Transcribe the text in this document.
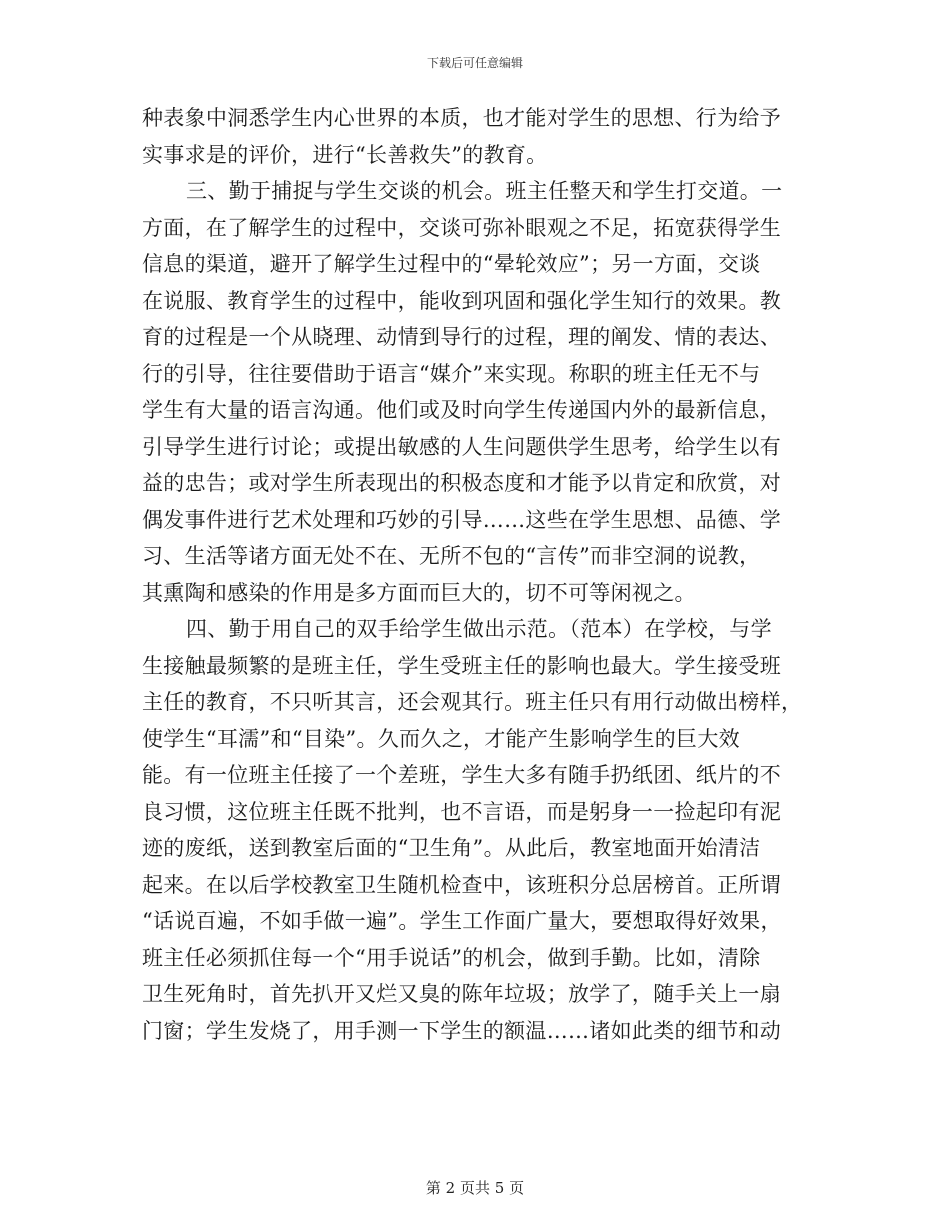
下载后可任意编辑
种表象中洞悉学生内心世界的本质，也才能对学生的思想、行为给予
实事求是的评价，进行“长善救失”的教育。
三、勤于捕捉与学生交谈的机会。班主任整天和学生打交道。一
方面，在了解学生的过程中，交谈可弥补眼观之不足，拓宽获得学生
信息的渠道，避开了解学生过程中的“晕轮效应”；另一方面，交谈
在说服、教育学生的过程中，能收到巩固和强化学生知行的效果。教
育的过程是一个从晓理、动情到导行的过程，理的阐发、情的表达、
行的引导，往往要借助于语言“媒介”来实现。称职的班主任无不与
学生有大量的语言沟通。他们或及时向学生传递国内外的最新信息，
引导学生进行讨论；或提出敏感的人生问题供学生思考，给学生以有
益的忠告；或对学生所表现出的积极态度和才能予以肯定和欣赏，对
偶发事件进行艺术处理和巧妙的引导……这些在学生思想、品德、学
习、生活等诸方面无处不在、无所不包的“言传”而非空洞的说教，
其熏陶和感染的作用是多方面而巨大的，切不可等闲视之。
四、勤于用自己的双手给学生做出示范。（范本）在学校，与学
生接触最频繁的是班主任，学生受班主任的影响也最大。学生接受班
主任的教育，不只听其言，还会观其行。班主任只有用行动做出榜样，
使学生“耳濡”和“目染”。久而久之，才能产生影响学生的巨大效
能。有一位班主任接了一个差班，学生大多有随手扔纸团、纸片的不
良习惯，这位班主任既不批判，也不言语，而是躬身一一捡起印有泥
迹的废纸，送到教室后面的“卫生角”。从此后，教室地面开始清洁
起来。在以后学校教室卫生随机检查中，该班积分总居榜首。正所谓
“话说百遍，不如手做一遍”。学生工作面广量大，要想取得好效果，
班主任必须抓住每一个“用手说话”的机会，做到手勤。比如，清除
卫生死角时，首先扒开又烂又臭的陈年垃圾；放学了，随手关上一扇
门窗；学生发烧了，用手测一下学生的额温……诸如此类的细节和动
第 2 页共 5 页
